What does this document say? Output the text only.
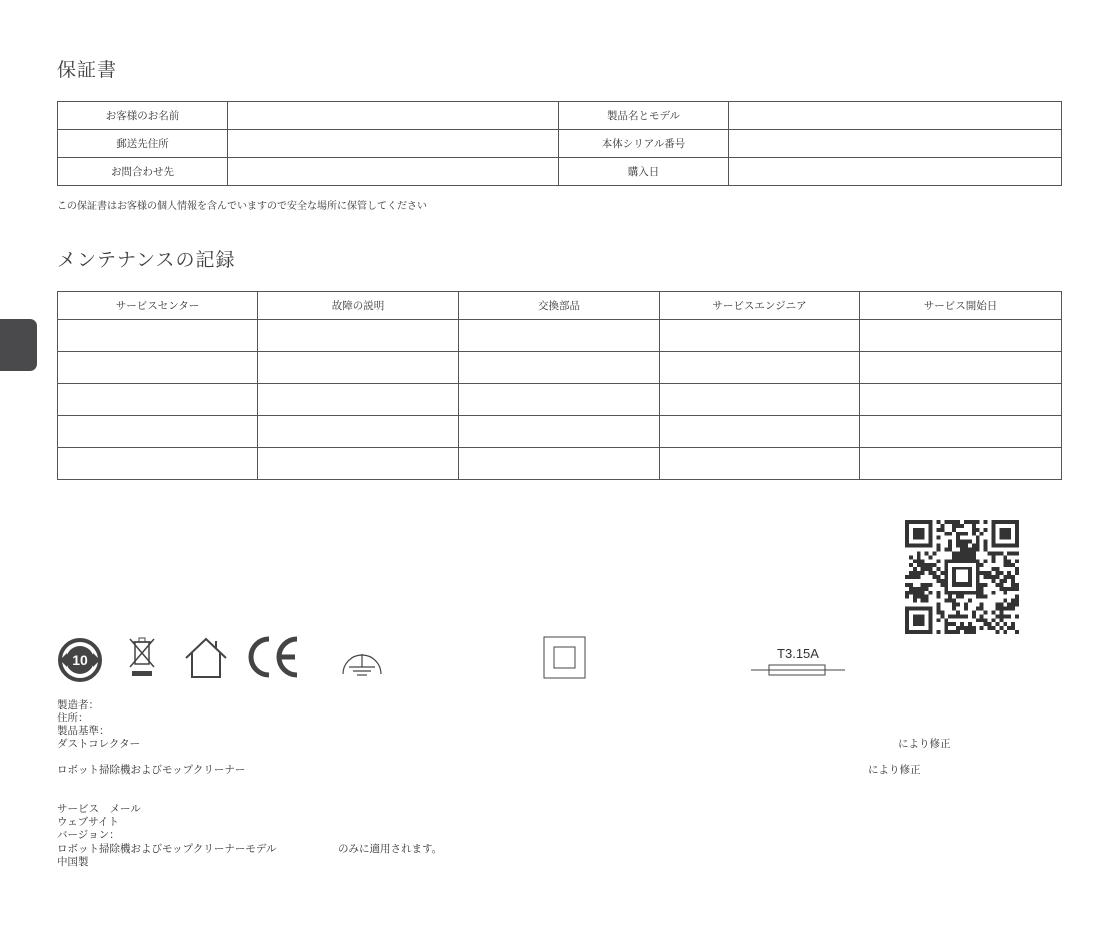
保証書
お客様のお名前		製品名とモデル	
郵送先住所		本体シリアル番号	
お問合わせ先		購入日	
この保証書はお客様の個人情報を含んでいますので安全な場所に保管してください
メンテナンスの記録
サービスセンター	故障の説明	交換部品	サービスエンジニア	サービス開始日

10	T3.15A
製造者：
住所：
製品基準：
ダストコレクター	により修正
ロボット掃除機およびモップクリーナー	により修正
サービス　メール
ウェブサイト
バージョン：
ロボット掃除機およびモップクリーナーモデル	のみに適用されます。
中国製
